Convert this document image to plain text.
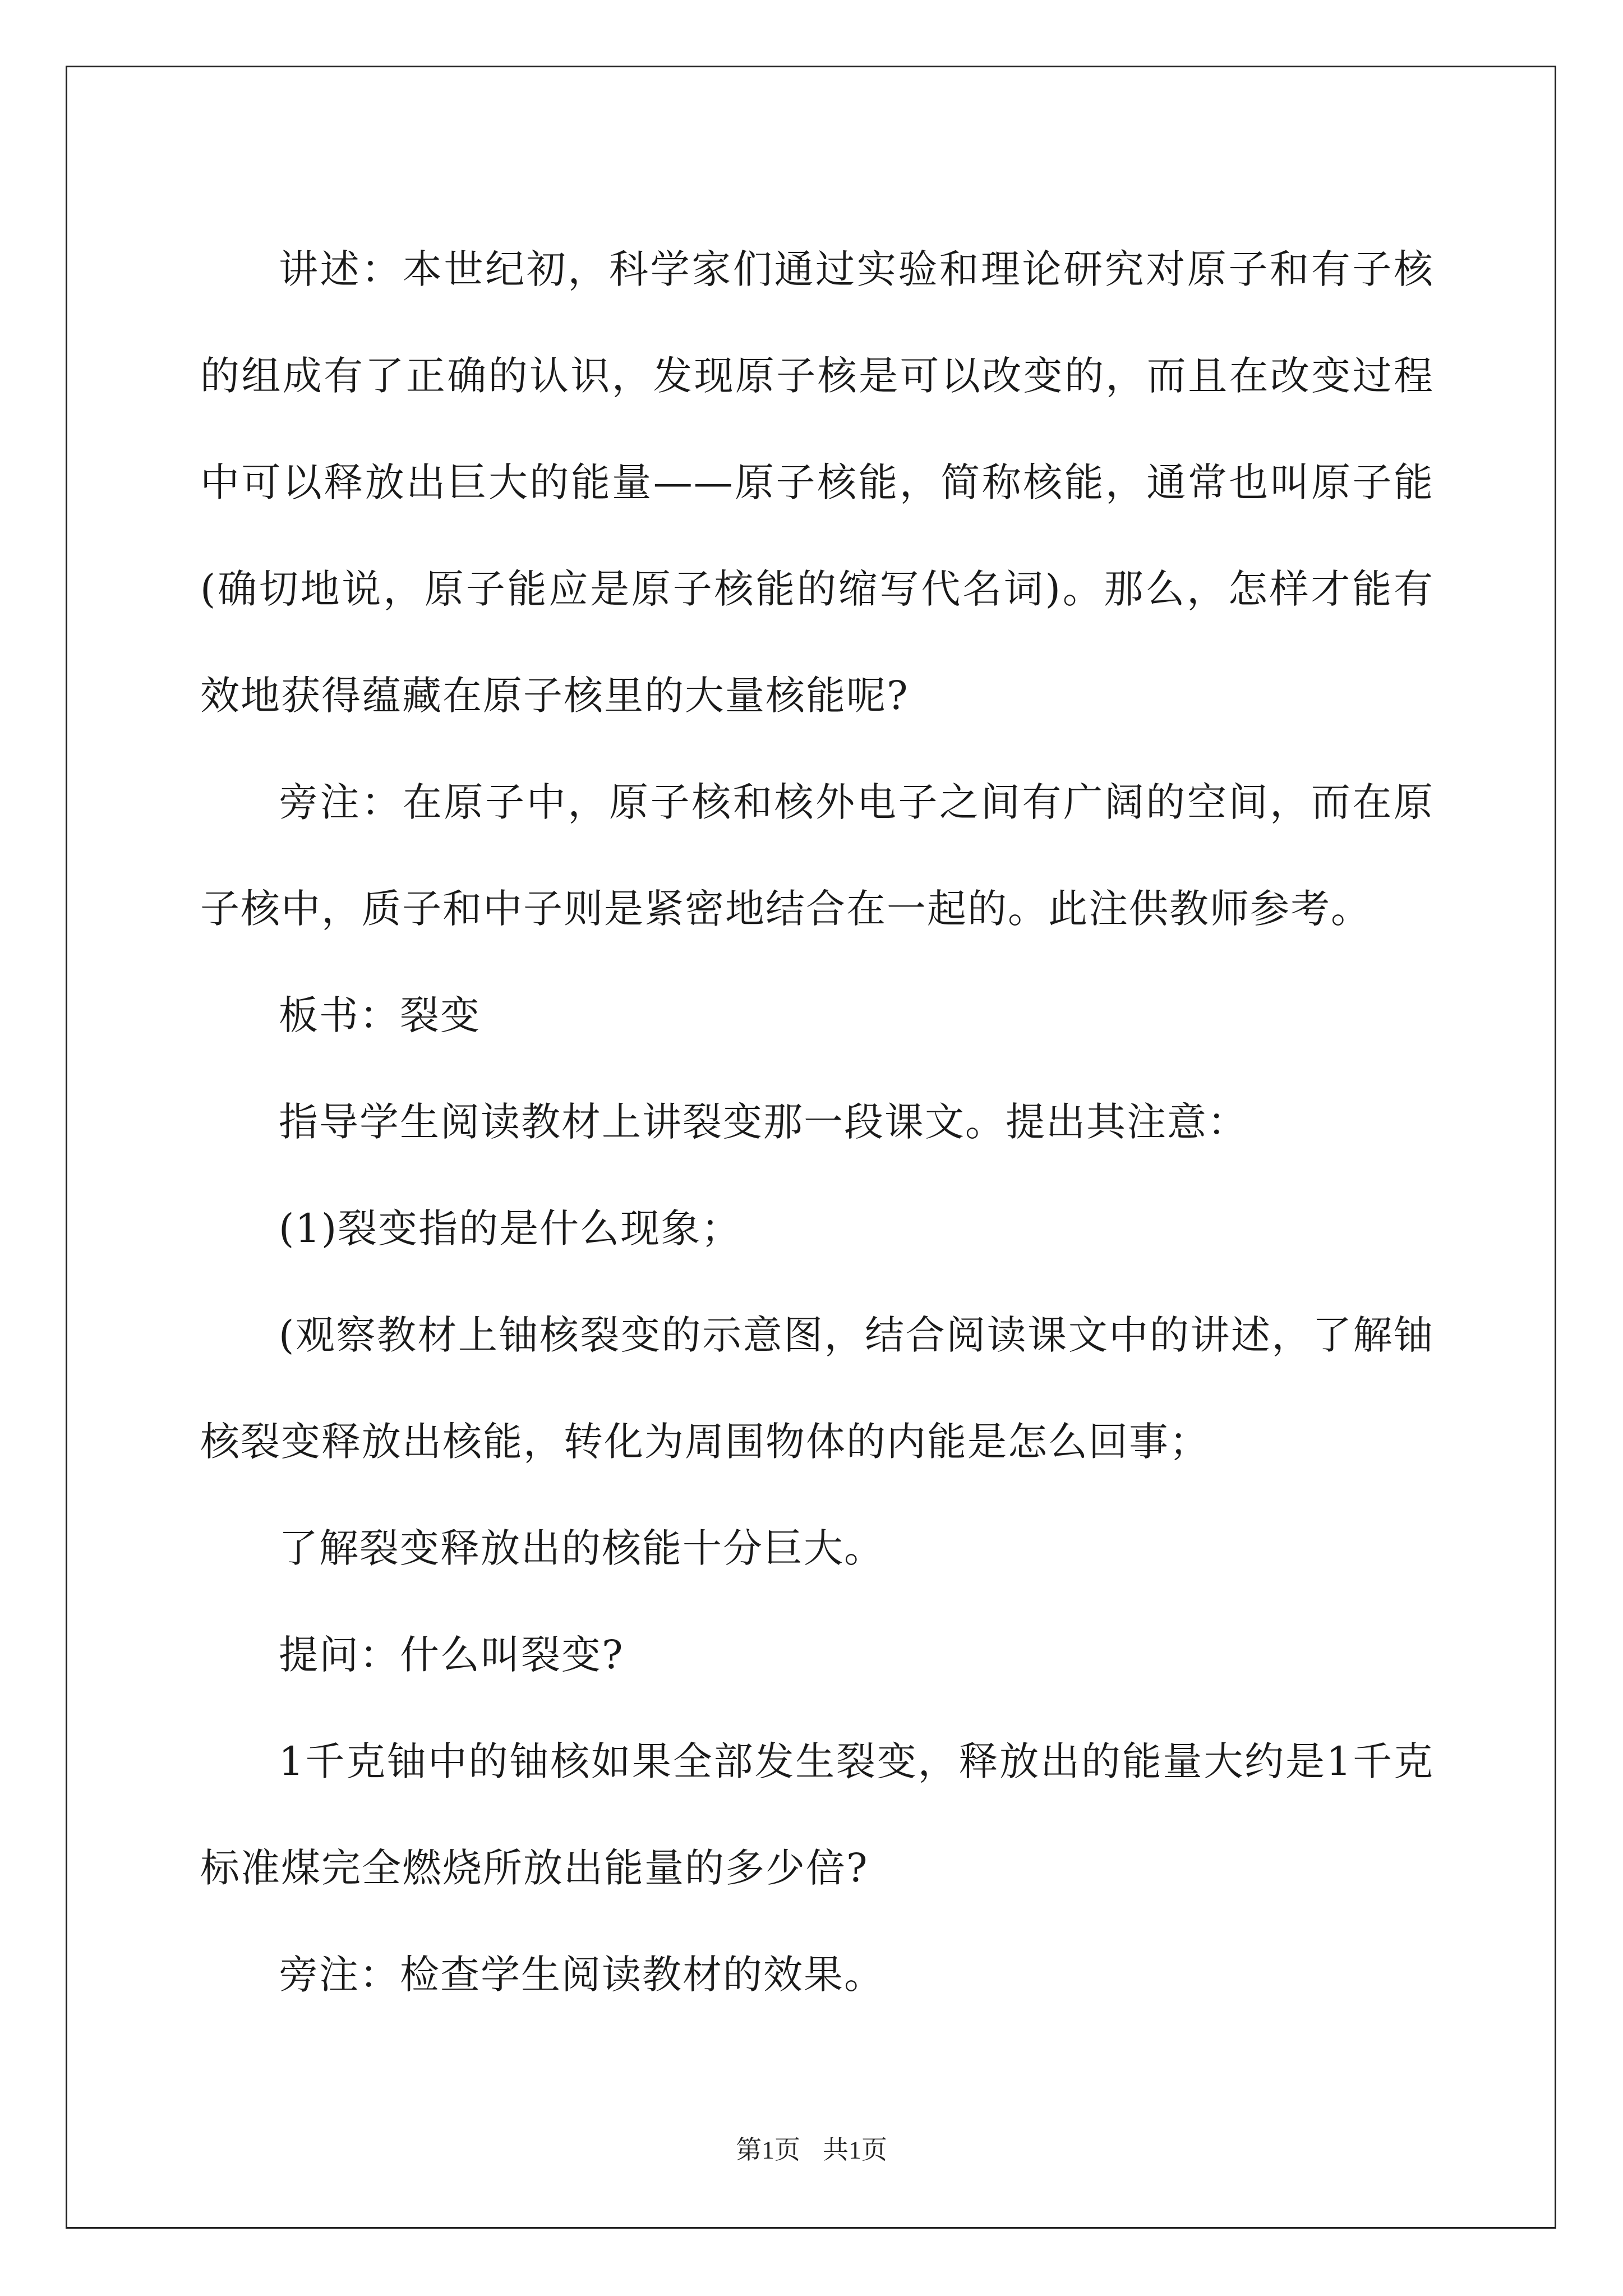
讲述：本世纪初，科学家们通过实验和理论研究对原子和有子核的组成有了正确的认识，发现原子核是可以改变的，而且在改变过程中可以释放出巨大的能量——原子核能，简称核能，通常也叫原子能(确切地说，原子能应是原子核能的缩写代名词)。那么，怎样才能有效地获得蕴藏在原子核里的大量核能呢?

旁注：在原子中，原子核和核外电子之间有广阔的空间，而在原子核中，质子和中子则是紧密地结合在一起的。此注供教师参考。

板书：裂变

指导学生阅读教材上讲裂变那一段课文。提出其注意：

(1)裂变指的是什么现象；

(观察教材上铀核裂变的示意图，结合阅读课文中的讲述，了解铀核裂变释放出核能，转化为周围物体的内能是怎么回事；

了解裂变释放出的核能十分巨大。

提问：什么叫裂变?

1千克铀中的铀核如果全部发生裂变，释放出的能量大约是1千克标准煤完全燃烧所放出能量的多少倍?

旁注：检查学生阅读教材的效果。

第1页 共1页
